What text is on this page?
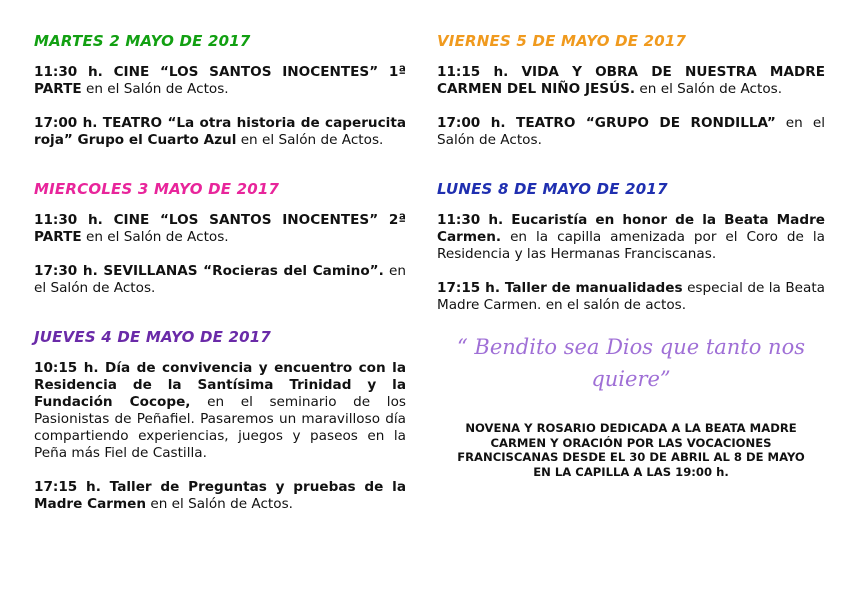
MARTES 2 MAYO DE 2017

11:30 h. CINE “LOS SANTOS INOCENTES” 1ª PARTE en el Salón de Actos.

17:00 h. TEATRO “La otra historia de caperucita roja” Grupo el Cuarto Azul en el Salón de Actos.

MIERCOLES 3 MAYO DE 2017

11:30 h. CINE “LOS SANTOS INOCENTES” 2ª PARTE en el Salón de Actos.

17:30 h. SEVILLANAS “Rocieras del Camino”. en el Salón de Actos.

JUEVES 4 DE MAYO DE 2017

10:15 h. Día de convivencia y encuentro con la Residencia de la Santísima Trinidad y la Fundación Cocope, en el seminario de los Pasionistas de Peñafiel. Pasaremos un maravilloso día compartiendo experiencias, juegos y paseos en la Peña más Fiel de Castilla.

17:15 h. Taller de Preguntas y pruebas de la Madre Carmen en el Salón de Actos.

VIERNES 5 DE MAYO DE 2017

11:15 h. VIDA Y OBRA DE NUESTRA MADRE CARMEN DEL NIÑO JESÚS. en el Salón de Actos.

17:00 h. TEATRO “GRUPO DE RONDILLA” en el Salón de Actos.

LUNES 8 DE MAYO DE 2017

11:30 h. Eucaristía en honor de la Beata Madre Carmen. en la capilla amenizada por el Coro de la Residencia y las Hermanas Franciscanas.

17:15 h. Taller de manualidades especial de la Beata Madre Carmen. en el salón de actos.

“ Bendito sea Dios que tanto nos quiere”
NOVENA Y ROSARIO DEDICADA A LA BEATA MADRE CARMEN Y ORACIÓN POR LAS VOCACIONES FRANCISCANAS DESDE EL 30 DE ABRIL AL 8 DE MAYO EN LA CAPILLA A LAS 19:00 h.
